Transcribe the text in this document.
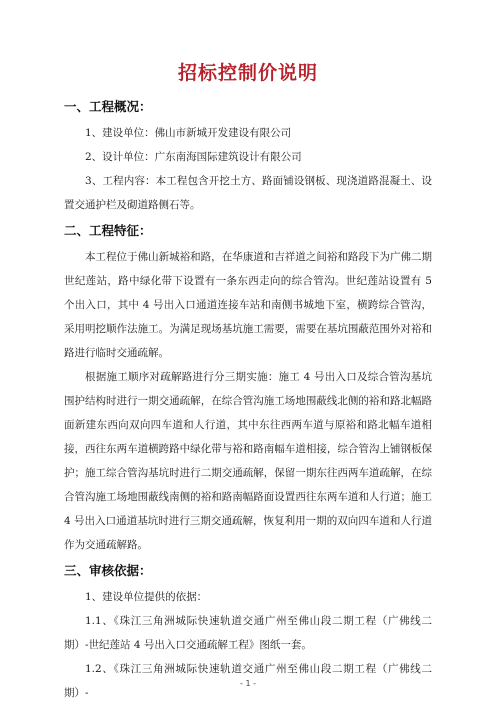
招标控制价说明
一、工程概况：

1、建设单位：佛山市新城开发建设有限公司

2、设计单位：广东南海国际建筑设计有限公司

3、工程内容：本工程包含开挖土方、路面铺设钢板、现浇道路混凝土、设置交通护栏及砌道路侧石等。

二、工程特征：

本工程位于佛山新城裕和路，在华康道和吉祥道之间裕和路段下为广佛二期世纪莲站，路中绿化带下设置有一条东西走向的综合管沟。世纪莲站设置有 5 个出入口，其中 4 号出入口通道连接车站和南侧书城地下室，横跨综合管沟，采用明挖顺作法施工。为满足现场基坑施工需要，需要在基坑围蔽范围外对裕和路进行临时交通疏解。

根据施工顺序对疏解路进行分三期实施：施工 4 号出入口及综合管沟基坑围护结构时进行一期交通疏解，在综合管沟施工场地围蔽线北侧的裕和路北幅路面新建东西向双向四车道和人行道，其中东往西两车道与原裕和路北幅车道相接，西往东两车道横跨路中绿化带与裕和路南幅车道相接，综合管沟上铺钢板保护；施工综合管沟基坑时进行二期交通疏解，保留一期东往西两车道疏解，在综合管沟施工场地围蔽线南侧的裕和路南幅路面设置西往东两车道和人行道；施工 4 号出入口通道基坑时进行三期交通疏解，恢复利用一期的双向四车道和人行道作为交通疏解路。

三、审核依据：

1、建设单位提供的依据：

1.1、《珠江三角洲城际快速轨道交通广州至佛山段二期工程（广佛线二期）-世纪莲站 4 号出入口交通疏解工程》图纸一套。

1.2、《珠江三角洲城际快速轨道交通广州至佛山段二期工程（广佛线二期）-

- 1 -
